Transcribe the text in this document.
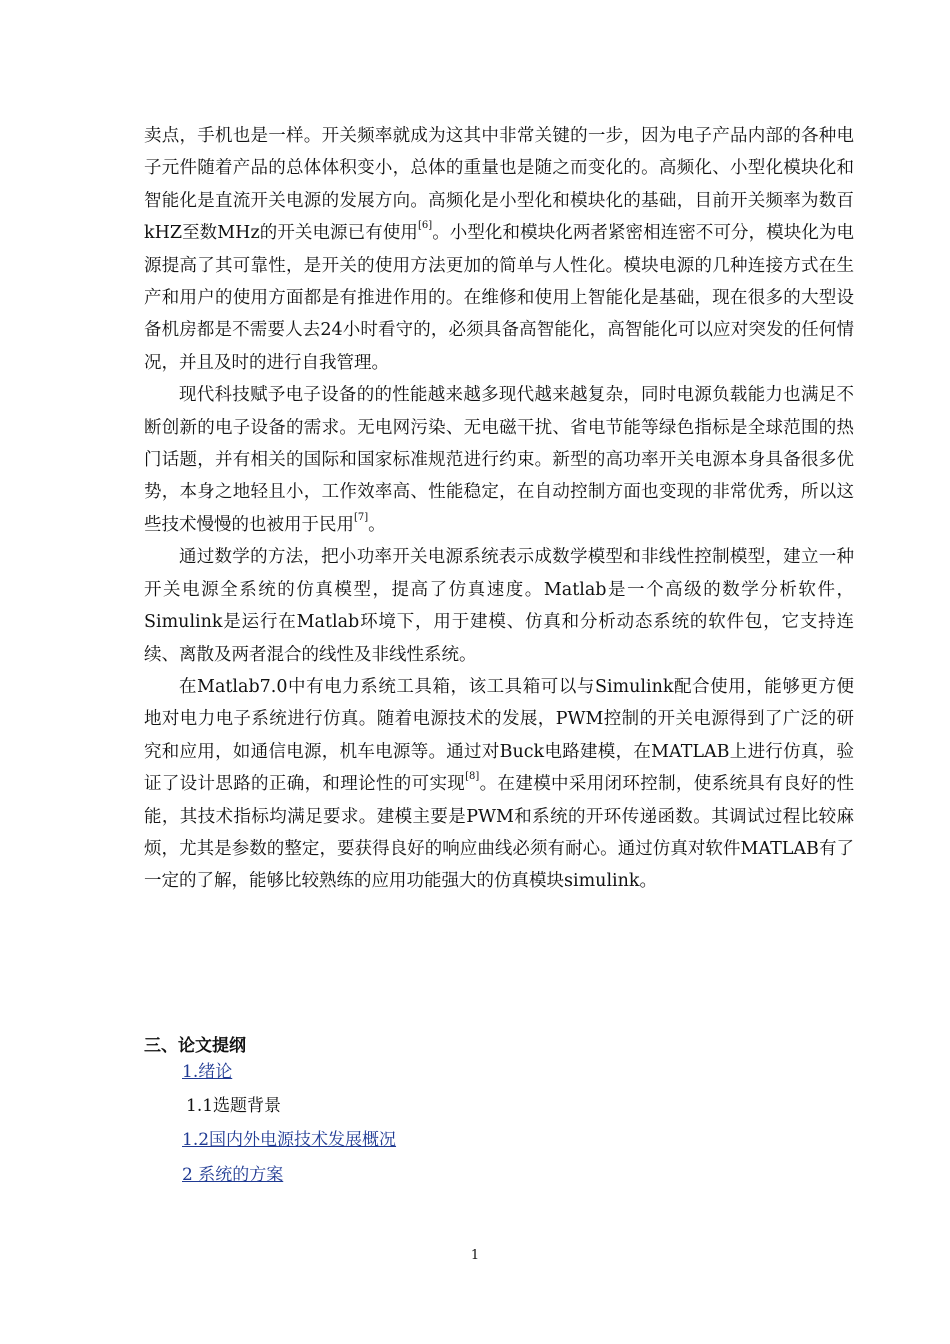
卖点，手机也是一样。开关频率就成为这其中非常关键的一步，因为电子产品内部的各种电子元件随着产品的总体体积变小，总体的重量也是随之而变化的。高频化、小型化模块化和智能化是直流开关电源的发展方向。高频化是小型化和模块化的基础，目前开关频率为数百kHZ至数MHz的开关电源已有使用[6]。小型化和模块化两者紧密相连密不可分，模块化为电源提高了其可靠性，是开关的使用方法更加的简单与人性化。模块电源的几种连接方式在生产和用户的使用方面都是有推进作用的。在维修和使用上智能化是基础，现在很多的大型设备机房都是不需要人去24小时看守的，必须具备高智能化，高智能化可以应对突发的任何情况，并且及时的进行自我管理。

现代科技赋予电子设备的的性能越来越多现代越来越复杂，同时电源负载能力也满足不断创新的电子设备的需求。无电网污染、无电磁干扰、省电节能等绿色指标是全球范围的热门话题，并有相关的国际和国家标准规范进行约束。新型的高功率开关电源本身具备很多优势，本身之地轻且小，工作效率高、性能稳定，在自动控制方面也变现的非常优秀，所以这些技术慢慢的也被用于民用[7]。

通过数学的方法，把小功率开关电源系统表示成数学模型和非线性控制模型，建立一种开关电源全系统的仿真模型，提高了仿真速度。Matlab是一个高级的数学分析软件，Simulink是运行在Matlab环境下，用于建模、仿真和分析动态系统的软件包，它支持连续、离散及两者混合的线性及非线性系统。

在Matlab7.0中有电力系统工具箱，该工具箱可以与Simulink配合使用，能够更方便地对电力电子系统进行仿真。随着电源技术的发展，PWM控制的开关电源得到了广泛的研究和应用，如通信电源，机车电源等。通过对Buck电路建模，在MATLAB上进行仿真，验证了设计思路的正确，和理论性的可实现[8]。在建模中采用闭环控制，使系统具有良好的性能，其技术指标均满足要求。建模主要是PWM和系统的开环传递函数。其调试过程比较麻烦，尤其是参数的整定，要获得良好的响应曲线必须有耐心。通过仿真对软件MATLAB有了一定的了解，能够比较熟练的应用功能强大的仿真模块simulink。

三、论文提纲
1.绪论
1.1选题背景
1.2国内外电源技术发展概况
2 系统的方案
1
